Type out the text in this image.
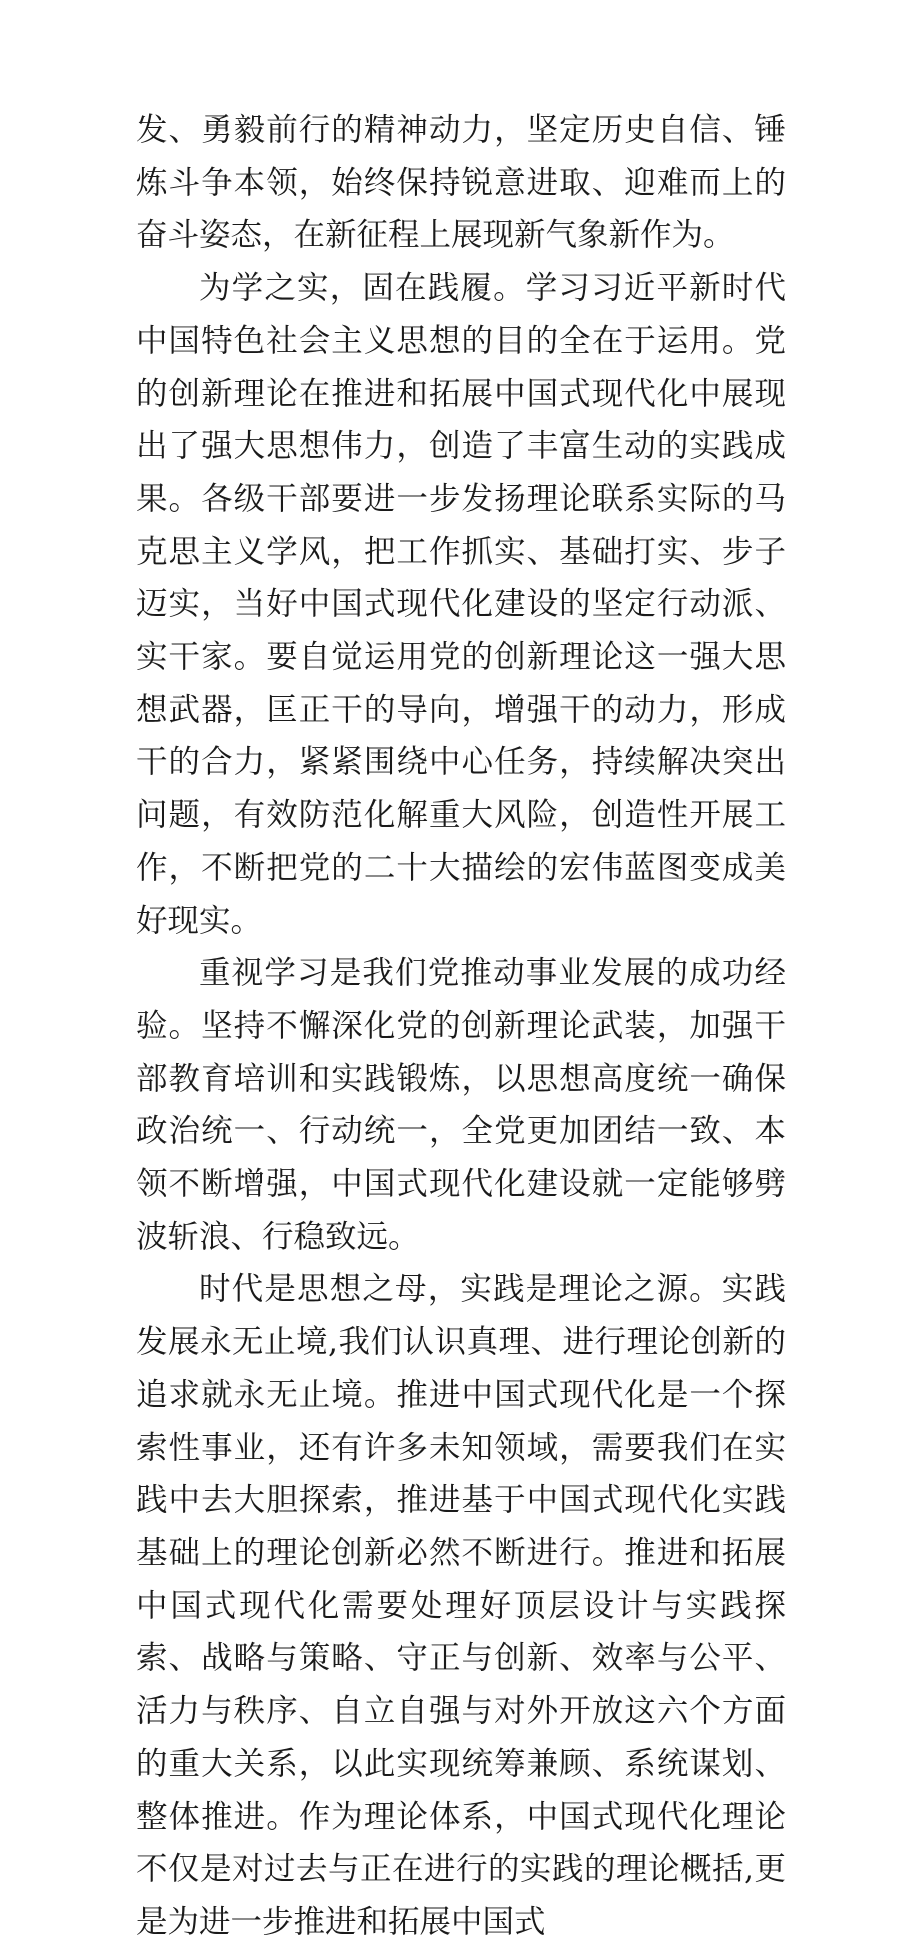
发、勇毅前行的精神动力，坚定历史自信、锤炼斗争本领，始终保持锐意进取、迎难而上的奋斗姿态，在新征程上展现新气象新作为。

为学之实，固在践履。学习习近平新时代中国特色社会主义思想的目的全在于运用。党的创新理论在推进和拓展中国式现代化中展现出了强大思想伟力，创造了丰富生动的实践成果。各级干部要进一步发扬理论联系实际的马克思主义学风，把工作抓实、基础打实、步子迈实，当好中国式现代化建设的坚定行动派、实干家。要自觉运用党的创新理论这一强大思想武器，匡正干的导向，增强干的动力，形成干的合力，紧紧围绕中心任务，持续解决突出问题，有效防范化解重大风险，创造性开展工作，不断把党的二十大描绘的宏伟蓝图变成美好现实。

重视学习是我们党推动事业发展的成功经验。坚持不懈深化党的创新理论武装，加强干部教育培训和实践锻炼，以思想高度统一确保政治统一、行动统一，全党更加团结一致、本领不断增强，中国式现代化建设就一定能够劈波斩浪、行稳致远。

时代是思想之母，实践是理论之源。实践发展永无止境,我们认识真理、进行理论创新的追求就永无止境。推进中国式现代化是一个探索性事业，还有许多未知领域，需要我们在实践中去大胆探索，推进基于中国式现代化实践基础上的理论创新必然不断进行。推进和拓展中国式现代化需要处理好顶层设计与实践探索、战略与策略、守正与创新、效率与公平、活力与秩序、自立自强与对外开放这六个方面的重大关系，以此实现统筹兼顾、系统谋划、整体推进。作为理论体系，中国式现代化理论不仅是对过去与正在进行的实践的理论概括,更是为进一步推进和拓展中国式
